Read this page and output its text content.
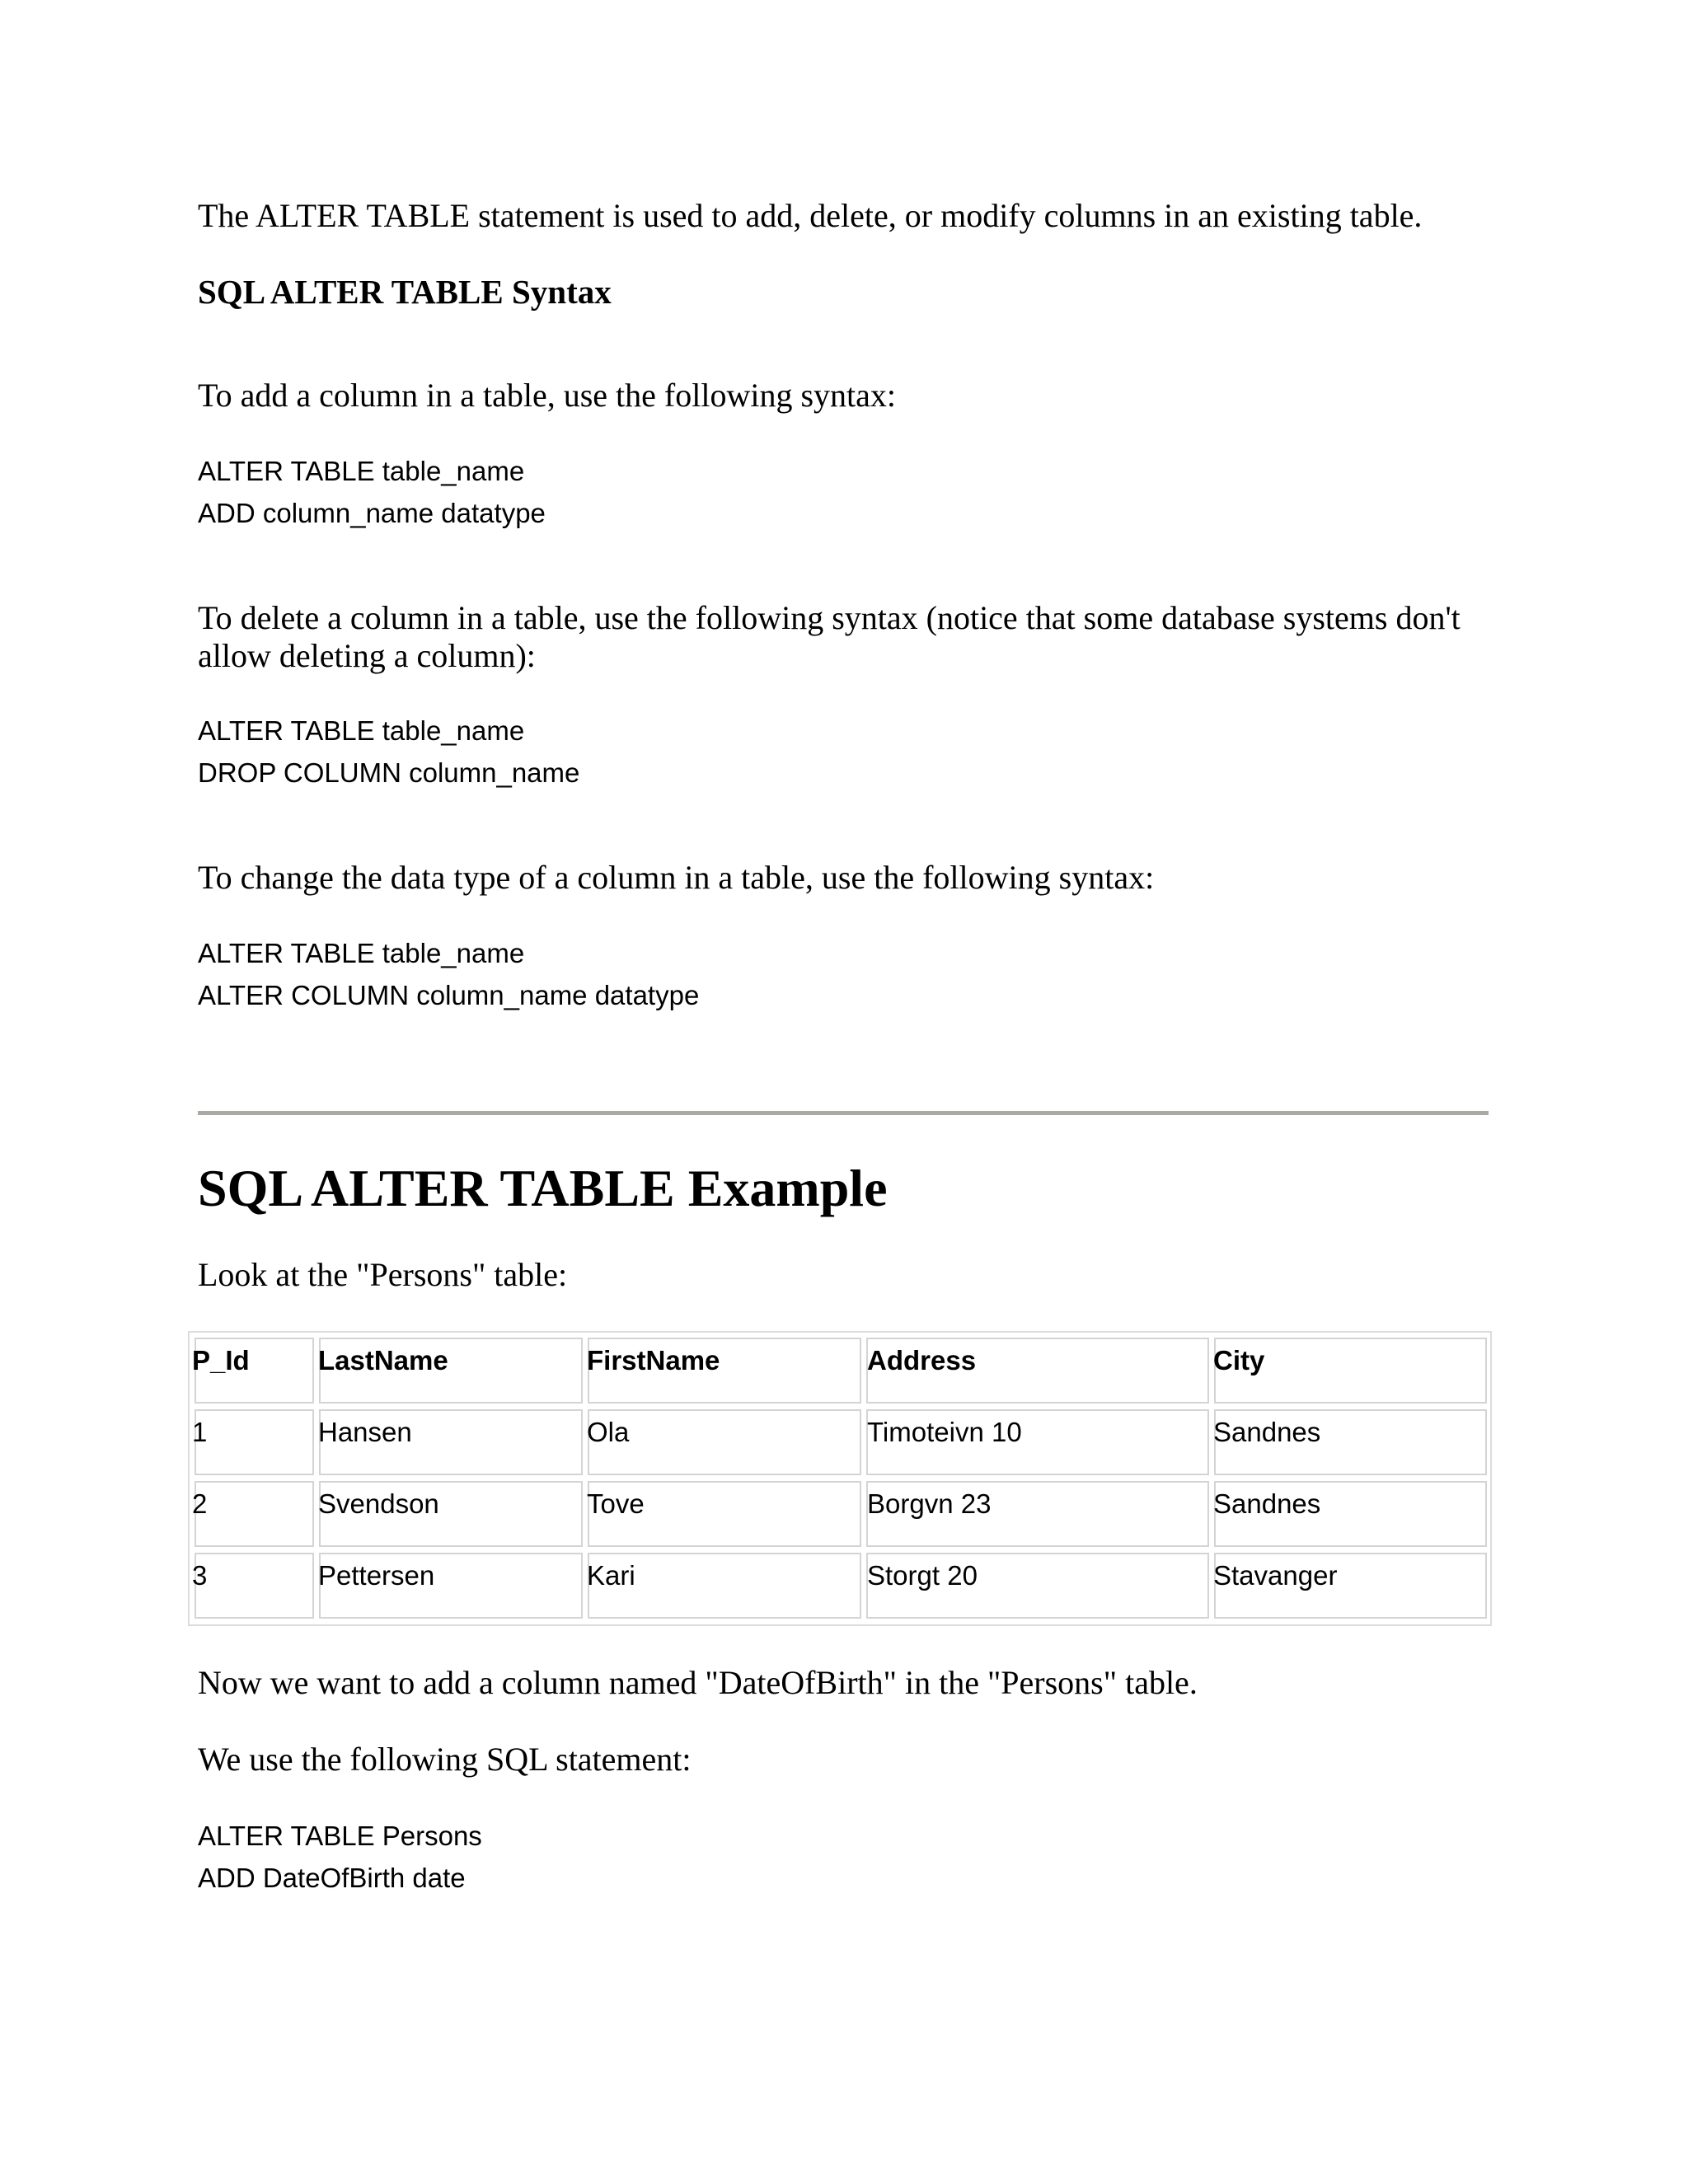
The ALTER TABLE statement is used to add, delete, or modify columns in an existing table.
SQL ALTER TABLE Syntax
To add a column in a table, use the following syntax:
ALTER TABLE table_name
ADD column_name datatype
To delete a column in a table, use the following syntax (notice that some database systems don't
allow deleting a column):
ALTER TABLE table_name
DROP COLUMN column_name
To change the data type of a column in a table, use the following syntax:
ALTER TABLE table_name
ALTER COLUMN column_name datatype
SQL ALTER TABLE Example
Look at the "Persons" table:
P_Id	LastName	FirstName	Address	City
1	Hansen	Ola	Timoteivn 10	Sandnes
2	Svendson	Tove	Borgvn 23	Sandnes
3	Pettersen	Kari	Storgt 20	Stavanger
Now we want to add a column named "DateOfBirth" in the "Persons" table.
We use the following SQL statement:
ALTER TABLE Persons
ADD DateOfBirth date
